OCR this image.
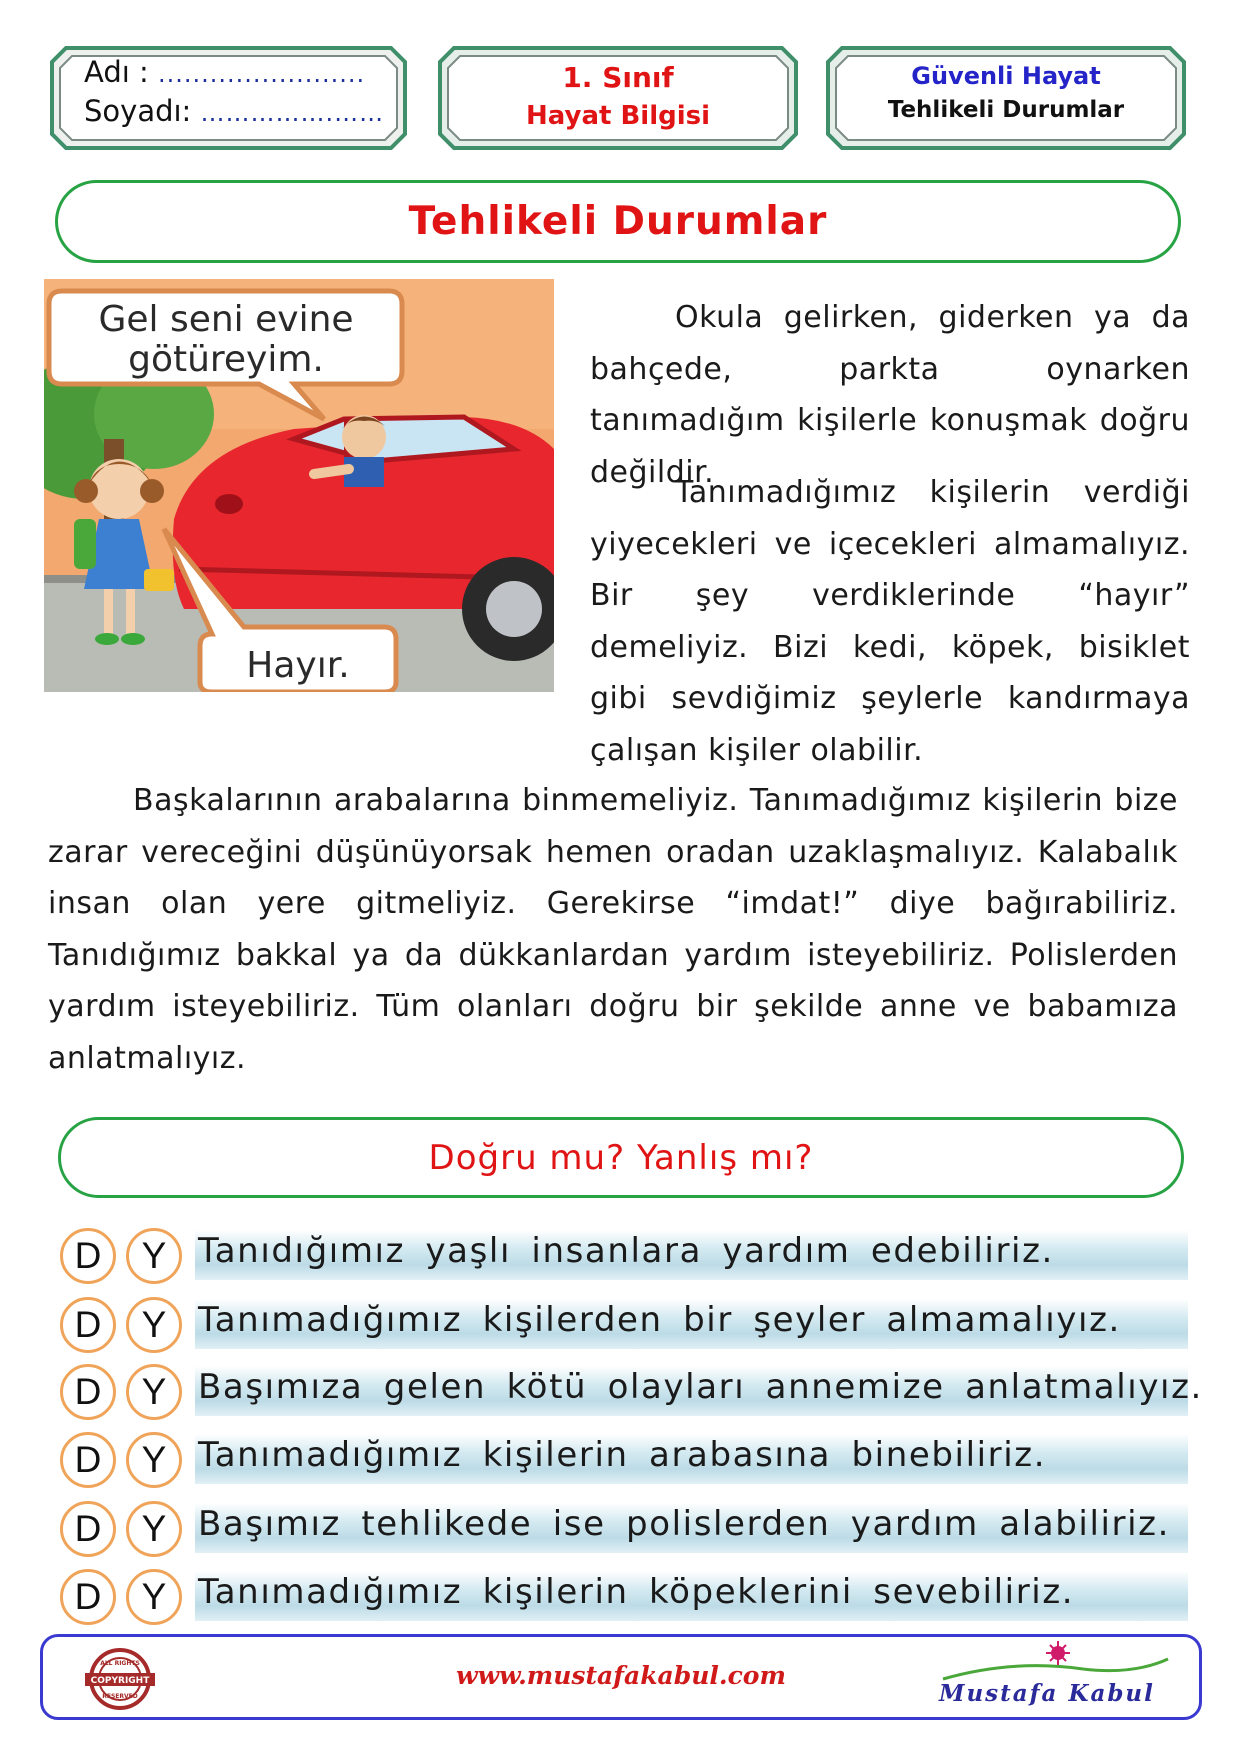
Adı : ........................
Soyadı: …………….……
1. Sınıf
Hayat Bilgisi
Güvenli Hayat
Tehlikeli Durumlar
Tehlikeli Durumlar
Gel seni evine
götüreyim.
Hayır.

Okula gelirken, giderken ya da bahçede, parkta oynarken tanımadığım kişilerle konuşmak doğru değildir.

Tanımadığımız kişilerin verdiği yiyecekleri ve içecekleri almamalıyız. Bir şey verdiklerinde “hayır” demeliyiz. Bizi kedi, köpek, bisiklet gibi sevdiğimiz şeylerle kandırmaya çalışan kişiler olabilir.

Başkalarının arabalarına binmemeliyiz. Tanımadığımız kişilerin bize zarar vereceğini düşünüyorsak hemen oradan uzaklaşmalıyız. Kalabalık insan olan yere gitmeliyiz. Gerekirse “imdat!” diye bağırabiliriz. Tanıdığımız bakkal ya da dükkanlardan yardım isteyebiliriz. Polislerden yardım isteyebiliriz. Tüm olanları doğru bir şekilde anne ve babamıza anlatmalıyız.

Doğru mu? Yanlış mı?
D	Y Tanıdığımız yaşlı insanlara yardım edebiliriz.
D	Y Tanımadığımız kişilerden bir şeyler almamalıyız.
D	Y Başımıza gelen kötü olayları annemize anlatmalıyız.
D	Y Tanımadığımız kişilerin arabasına binebiliriz.
D	Y Başımız tehlikede ise polislerden yardım alabiliriz.
D	Y Tanımadığımız kişilerin köpeklerini sevebiliriz.
COPYRIGHT
ALL RIGHTS
RESERVED
www.mustafakabul.com
Mustafa Kabul
